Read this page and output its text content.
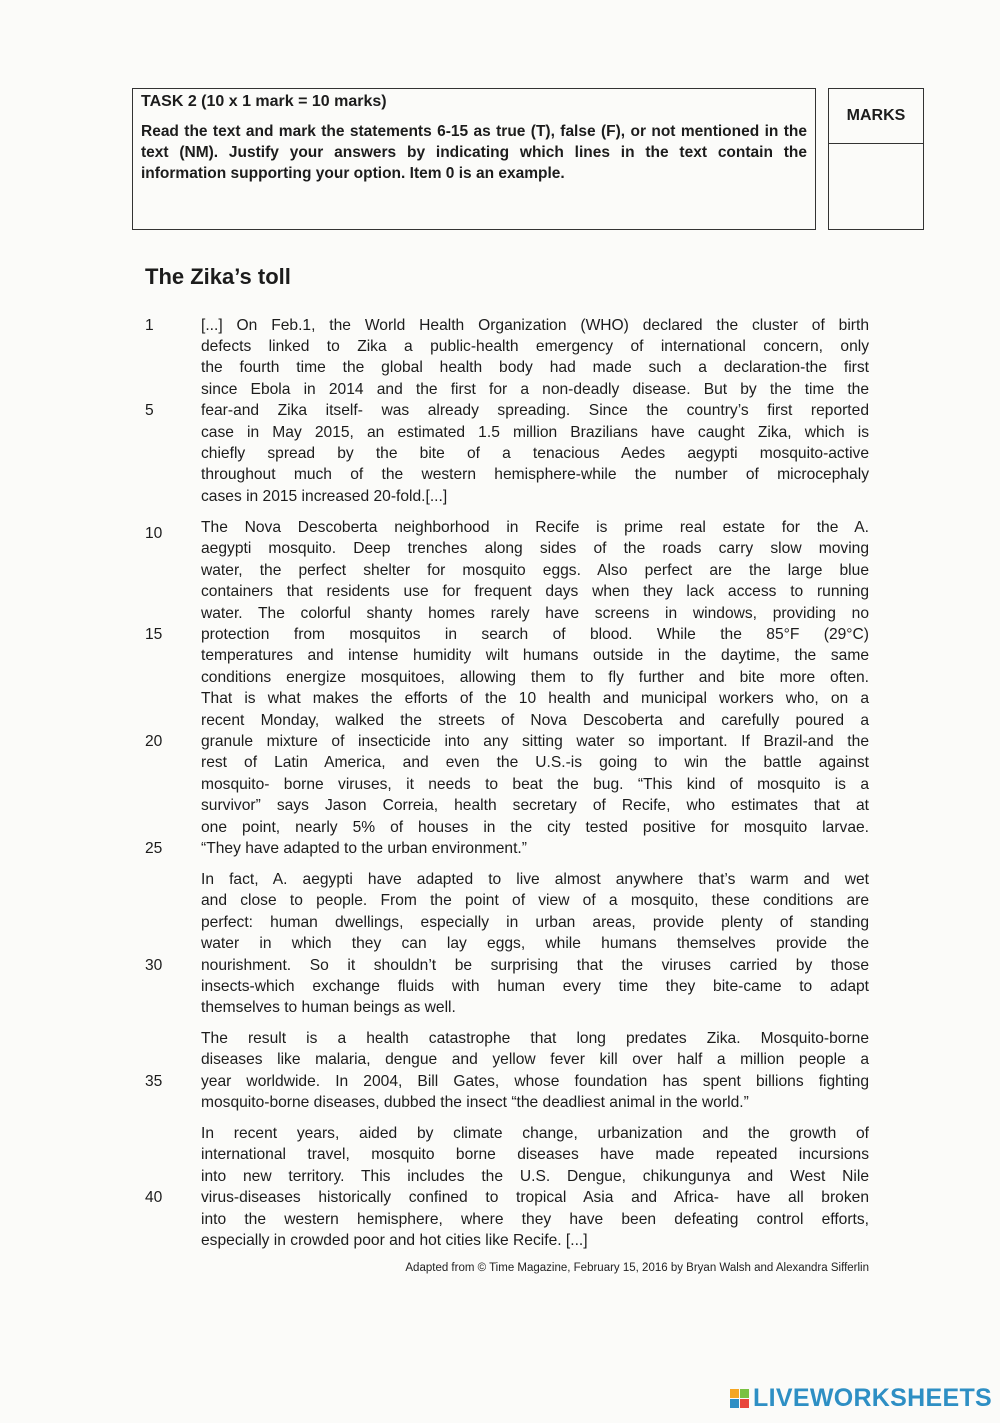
TASK 2 (10 x 1 mark = 10 marks)

Read the text and mark the statements 6-15 as true (T), false (F), or not mentioned in the text (NM). Justify your answers by indicating which lines in the text contain the information supporting your option. Item 0 is an example.

MARKS
The Zika’s toll
[...] On Feb.1, the World Health Organization (WHO) declared the cluster of birth
defects linked to Zika a public-health emergency of international concern, only
the fourth time the global health body had made such a declaration-the first
since Ebola in 2014 and the first for a non-deadly disease. But by the time the
fear-and Zika itself- was already spreading. Since the country’s first reported
case in May 2015, an estimated 1.5 million Brazilians have caught Zika, which is
chiefly spread by the bite of a tenacious Aedes aegypti mosquito-active
throughout much of the western hemisphere-while the number of microcephaly
cases in 2015 increased 20-fold.[...]
The Nova Descoberta neighborhood in Recife is prime real estate for the A.
aegypti mosquito. Deep trenches along sides of the roads carry slow moving
water, the perfect shelter for mosquito eggs. Also perfect are the large blue
containers that residents use for frequent days when they lack access to running
water. The colorful shanty homes rarely have screens in windows, providing no
protection from mosquitos in search of blood. While the 85°F (29°C)
temperatures and intense humidity wilt humans outside in the daytime, the same
conditions energize mosquitoes, allowing them to fly further and bite more often.
That is what makes the efforts of the 10 health and municipal workers who, on a
recent Monday, walked the streets of Nova Descoberta and carefully poured a
granule mixture of insecticide into any sitting water so important. If Brazil-and the
rest of Latin America, and even the U.S.-is going to win the battle against
mosquito- borne viruses, it needs to beat the bug. “This kind of mosquito is a
survivor” says Jason Correia, health secretary of Recife, who estimates that at
one point, nearly 5% of houses in the city tested positive for mosquito larvae.
“They have adapted to the urban environment.”
In fact, A. aegypti have adapted to live almost anywhere that’s warm and wet
and close to people. From the point of view of a mosquito, these conditions are
perfect: human dwellings, especially in urban areas, provide plenty of standing
water in which they can lay eggs, while humans themselves provide the
nourishment. So it shouldn’t be surprising that the viruses carried by those
insects-which exchange fluids with human every time they bite-came to adapt
themselves to human beings as well.
The result is a health catastrophe that long predates Zika. Mosquito-borne
diseases like malaria, dengue and yellow fever kill over half a million people a
year worldwide. In 2004, Bill Gates, whose foundation has spent billions fighting
mosquito-borne diseases, dubbed the insect “the deadliest animal in the world.”
In recent years, aided by climate change, urbanization and the growth of
international travel, mosquito borne diseases have made repeated incursions
into new territory. This includes the U.S. Dengue, chikungunya and West Nile
virus-diseases historically confined to tropical Asia and Africa- have all broken
into the western hemisphere, where they have been defeating control efforts,
especially in crowded poor and hot cities like Recife. [...]
1
5
10
15
20
25
30
35
40
Adapted from © Time Magazine, February 15, 2016 by Bryan Walsh and Alexandra Sifferlin
LIVEWORKSHEETS
